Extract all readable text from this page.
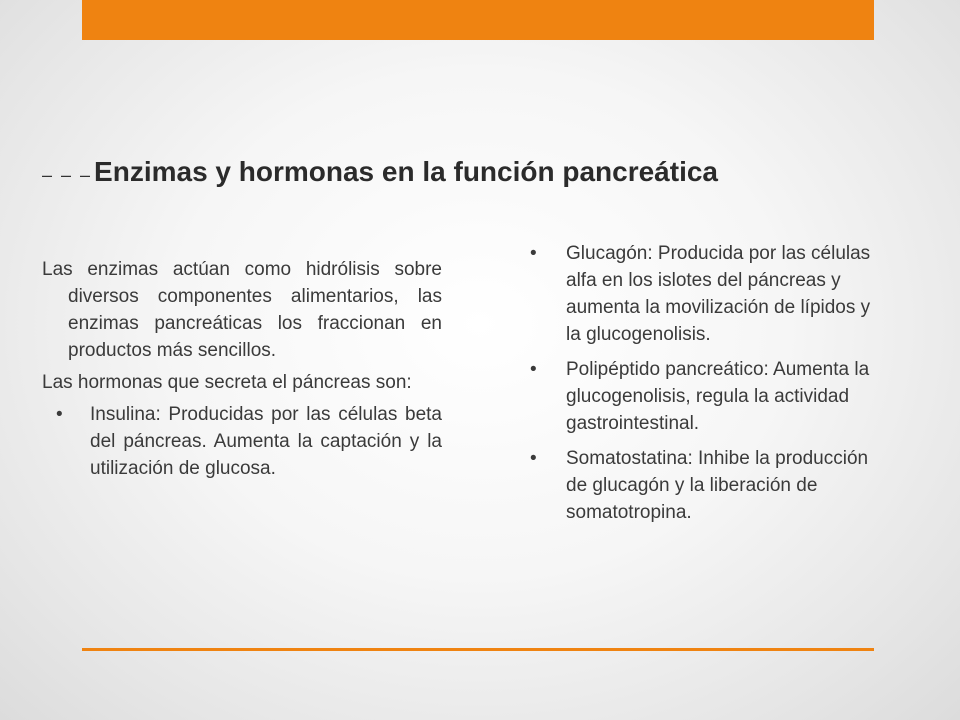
– – –Enzimas y hormonas en la función pancreática

Las enzimas actúan como hidrólisis sobre diversos componentes alimentarios, las enzimas pancreáticas los fraccionan en productos más sencillos.

Las hormonas que secreta el páncreas son:

• Insulina: Producidas por las células beta del páncreas. Aumenta la captación y la utilización de glucosa.
• Glucagón: Producida por las células alfa en los islotes del páncreas y aumenta la movilización de lípidos y la glucogenolisis.
• Polipéptido pancreático: Aumenta la glucogenolisis, regula la actividad gastrointestinal.
• Somatostatina: Inhibe la producción de glucagón y la liberación de somatotropina.
